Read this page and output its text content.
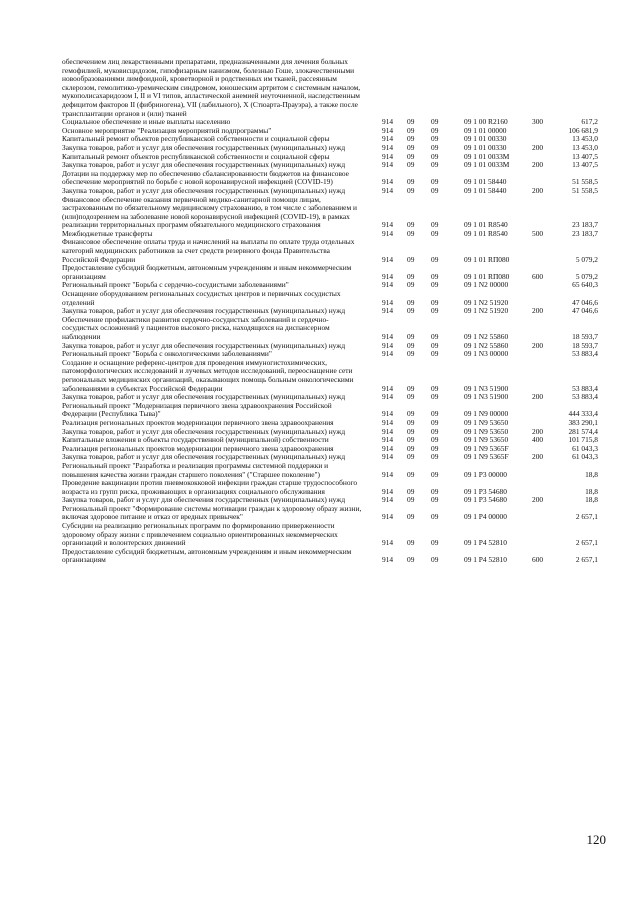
обеспечением лиц лекарственными препаратами, предназначенными для лечения больных гемофилией, муковисцидозом, гипофизарным нанизмом, болезнью Гоше, злокачественными новообразованиями лимфоидной, кроветворной и родственных им тканей, рассеянным склерозом, гемолитико-уремическим синдромом, юношеским артритом с системным началом, мукополисахаридозом I, II и VI типов, апластической анемией неуточненной, наследственным дефицитом факторов II (фибриногена), VII (лабильного), X (Стюарта-Прауэра), а также после трансплантации органов и (или) тканей
Социальное обеспечение и иные выплаты населению	914 09 09	09 1 00 R2160	300	617,2
Основное мероприятие "Реализация мероприятий подпрограммы"	914 09 09	09 1 01 00000	106 681,9
Капитальный ремонт объектов республиканской собственности и социальной сферы	914 09 09	09 1 01 00330	13 453,0
Закупка товаров, работ и услуг для обеспечения государственных (муниципальных) нужд	914 09 09	09 1 01 00330	200	13 453,0
Капитальный ремонт объектов республиканской собственности и социальной сферы	914 09 09	09 1 01 0033М	13 407,5
Закупка товаров, работ и услуг для обеспечения государственных (муниципальных) нужд	914 09 09	09 1 01 0033М	200	13 407,5
Дотации на поддержку мер по обеспечению сбалансированности бюджетов на финансовое обеспечение мероприятий по борьбе с новой коронавирусной инфекцией (COVID-19)	914 09 09	09 1 01 58440	51 558,5
Закупка товаров, работ и услуг для обеспечения государственных (муниципальных) нужд	914 09 09	09 1 01 58440	200	51 558,5
Финансовое обеспечение оказания первичной медико-санитарной помощи лицам, застрахованным по обязательному медицинскому страхованию, в том числе с заболеванием и (или)подозрением на заболевание новой коронавирусной инфекцией (COVID-19), в рамках реализации территориальных программ обязательного медицинского страхования	914 09 09	09 1 01 R8540	23 183,7
Межбюджетные трансферты	914 09 09	09 1 01 R8540	500	23 183,7
Финансовое обеспечение оплаты труда и начислений на выплаты по оплате труда отдельных категорий медицинских работников за счет средств резервного фонда Правительства Российской Федерации	914 09 09	09 1 01 RП080	5 079,2
Предоставление субсидий бюджетным, автономным учреждениям и иным некоммерческим организациям	914 09 09	09 1 01 RП080	600	5 079,2
Региональный проект "Борьба с сердечно-сосудистыми заболеваниями"	914 09 09	09 1 N2 00000	65 640,3
Оснащение оборудованием региональных сосудистых центров и первичных сосудистых отделений	914 09 09	09 1 N2 51920	47 046,6
Закупка товаров, работ и услуг для обеспечения государственных (муниципальных) нужд	914 09 09	09 1 N2 51920	200	47 046,6
Обеспечение профилактики развития сердечно-сосудистых заболеваний и сердечно-сосудистых осложнений у пациентов высокого риска, находящихся на диспансерном наблюдении	914 09 09	09 1 N2 55860	18 593,7
Закупка товаров, работ и услуг для обеспечения государственных (муниципальных) нужд	914 09 09	09 1 N2 55860	200	18 593,7
Региональный проект "Борьба с онкологическими заболеваниями"	914 09 09	09 1 N3 00000	53 883,4
Создание и оснащение референс-центров для проведения иммуногистохимических, патоморфологических исследований и лучевых методов исследований, переоснащение сети региональных медицинских организаций, оказывающих помощь больным онкологическими заболеваниями в субъектах Российской Федерации	914 09 09	09 1 N3 51900	53 883,4
Закупка товаров, работ и услуг для обеспечения государственных (муниципальных) нужд	914 09 09	09 1 N3 51900	200	53 883,4
Региональный проект "Модернизация первичного звена здравоохранения Российской Федерации (Республика Тыва)"	914 09 09	09 1 N9 00000	444 333,4
Реализация региональных проектов модернизации первичного звена здравоохранения	914 09 09	09 1 N9 53650	383 290,1
Закупка товаров, работ и услуг для обеспечения государственных (муниципальных) нужд	914 09 09	09 1 N9 53650	200	281 574,4
Капитальные вложения в объекты государственной (муниципальной) собственности	914 09 09	09 1 N9 53650	400	101 715,8
Реализация региональных проектов модернизации первичного звена здравоохранения	914 09 09	09 1 N9 5365F	61 043,3
Закупка товаров, работ и услуг для обеспечения государственных (муниципальных) нужд	914 09 09	09 1 N9 5365F	200	61 043,3
Региональный проект "Разработка и реализация программы системной поддержки и повышения качества жизни граждан старшего поколения" ("Старшее поколение")	914 09 09	09 1 P3 00000	18,8
Проведение вакцинации против пневмококковой инфекции граждан старше трудоспособного возраста из групп риска, проживающих в организациях социального обслуживания	914 09 09	09 1 P3 54680	18,8
Закупка товаров, работ и услуг для обеспечения государственных (муниципальных) нужд	914 09 09	09 1 P3 54680	200	18,8
Региональный проект "Формирование системы мотивации граждан к здоровому образу жизни, включая здоровое питание и отказ от вредных привычек"	914 09 09	09 1 P4 00000	2 657,1
Субсидии на реализацию региональных программ по формированию приверженности здоровому образу жизни с привлечением социально ориентированных некоммерческих организаций и волонтерских движений	914 09 09	09 1 P4 52810	2 657,1
Предоставление субсидий бюджетным, автономным учреждениям и иным некоммерческим организациям	914 09 09	09 1 P4 52810	600	2 657,1
120
